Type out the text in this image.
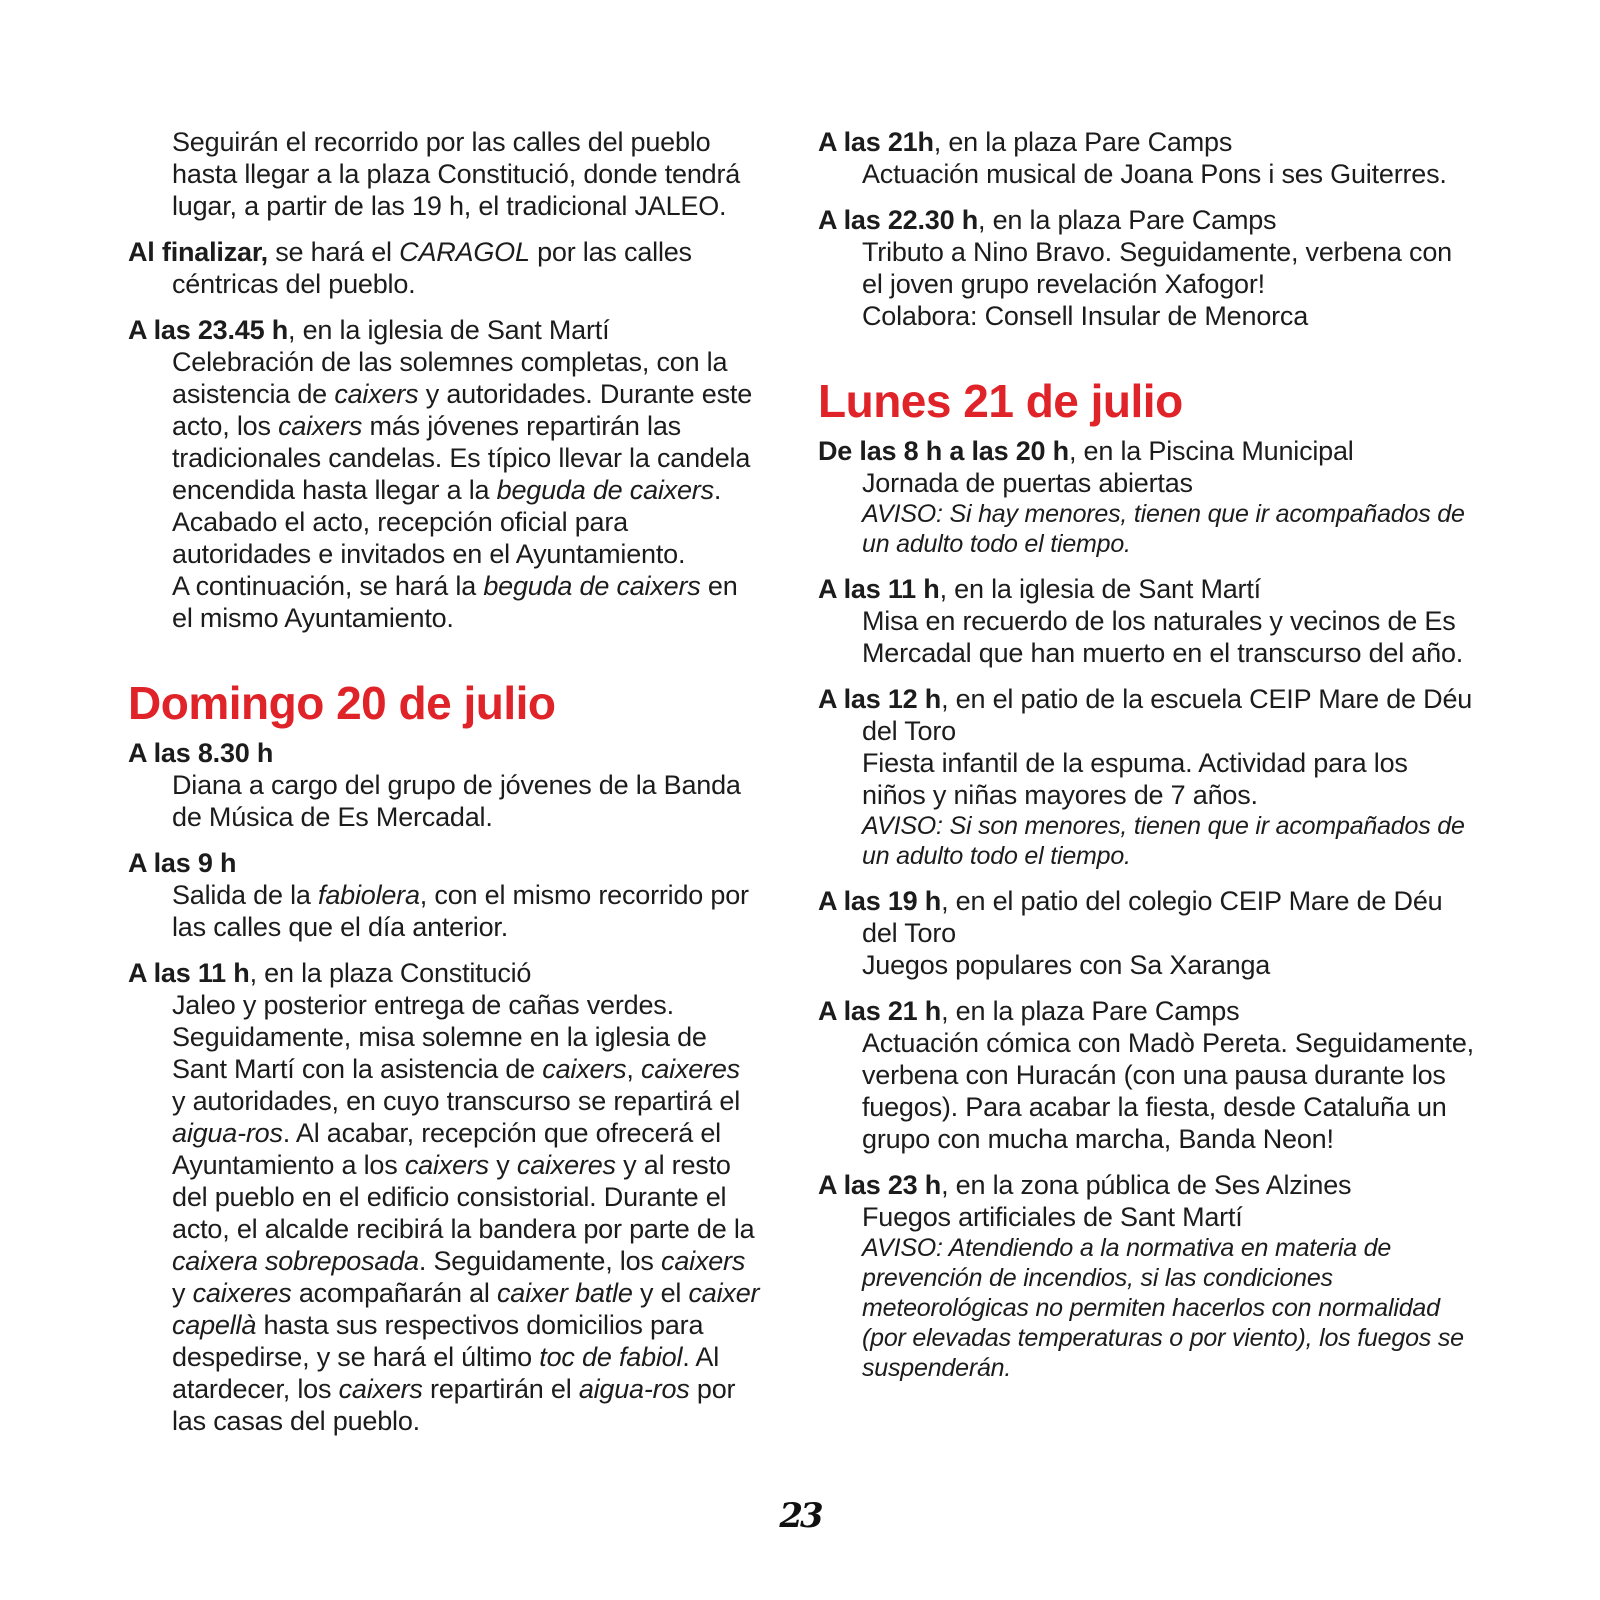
Seguirán el recorrido por las calles del pueblo hasta llegar a la plaza Constitució, donde tendrá lugar, a partir de las 19 h, el tradicional JALEO.

Al finalizar, se hará el CARAGOL por las calles céntricas del pueblo.

A las 23.45 h, en la iglesia de Sant Martí

Celebración de las solemnes completas, con la asistencia de caixers y autoridades. Durante este acto, los caixers más jóvenes repartirán las tradicionales candelas. Es típico llevar la candela encendida hasta llegar a la beguda de caixers. Acabado el acto, recepción oficial para autoridades e invitados en el Ayuntamiento.

A continuación, se hará la beguda de caixers en el mismo Ayuntamiento.

Domingo 20 de julio

A las 8.30 h

Diana a cargo del grupo de jóvenes de la Banda de Música de Es Mercadal.

A las 9 h

Salida de la fabiolera, con el mismo recorrido por las calles que el día anterior.

A las 11 h, en la plaza Constitució

Jaleo y posterior entrega de cañas verdes. Seguidamente, misa solemne en la iglesia de Sant Martí con la asistencia de caixers, caixeres y autoridades, en cuyo transcurso se repartirá el aigua-ros. Al acabar, recepción que ofrecerá el Ayuntamiento a los caixers y caixeres y al resto del pueblo en el edificio consistorial. Durante el acto, el alcalde recibirá la bandera por parte de la caixera sobreposada. Seguidamente, los caixers y caixeres acompañarán al caixer batle y el caixer capellà hasta sus respectivos domicilios para despedirse, y se hará el último toc de fabiol. Al atardecer, los caixers repartirán el aigua-ros por las casas del pueblo.

A las 21h, en la plaza Pare Camps

Actuación musical de Joana Pons i ses Guiterres.

A las 22.30 h, en la plaza Pare Camps

Tributo a Nino Bravo. Seguidamente, verbena con el joven grupo revelación Xafogor!

Colabora: Consell Insular de Menorca

Lunes 21 de julio

De las 8 h a las 20 h, en la Piscina Municipal

Jornada de puertas abiertas

AVISO: Si hay menores, tienen que ir acompañados de un adulto todo el tiempo.

A las 11 h, en la iglesia de Sant Martí

Misa en recuerdo de los naturales y vecinos de Es Mercadal que han muerto en el transcurso del año.

A las 12 h, en el patio de la escuela CEIP Mare de Déu del Toro

Fiesta infantil de la espuma. Actividad para los niños y niñas mayores de 7 años.

AVISO: Si son menores, tienen que ir acompañados de un adulto todo el tiempo.

A las 19 h, en el patio del colegio CEIP Mare de Déu del Toro

Juegos populares con Sa Xaranga

A las 21 h, en la plaza Pare Camps

Actuación cómica con Madò Pereta. Seguidamente, verbena con Huracán (con una pausa durante los fuegos). Para acabar la fiesta, desde Cataluña un grupo con mucha marcha, Banda Neon!

A las 23 h, en la zona pública de Ses Alzines

Fuegos artificiales de Sant Martí

AVISO: Atendiendo a la normativa en materia de prevención de incendios, si las condiciones meteorológicas no permiten hacerlos con normalidad (por elevadas temperaturas o por viento), los fuegos se suspenderán.

23
